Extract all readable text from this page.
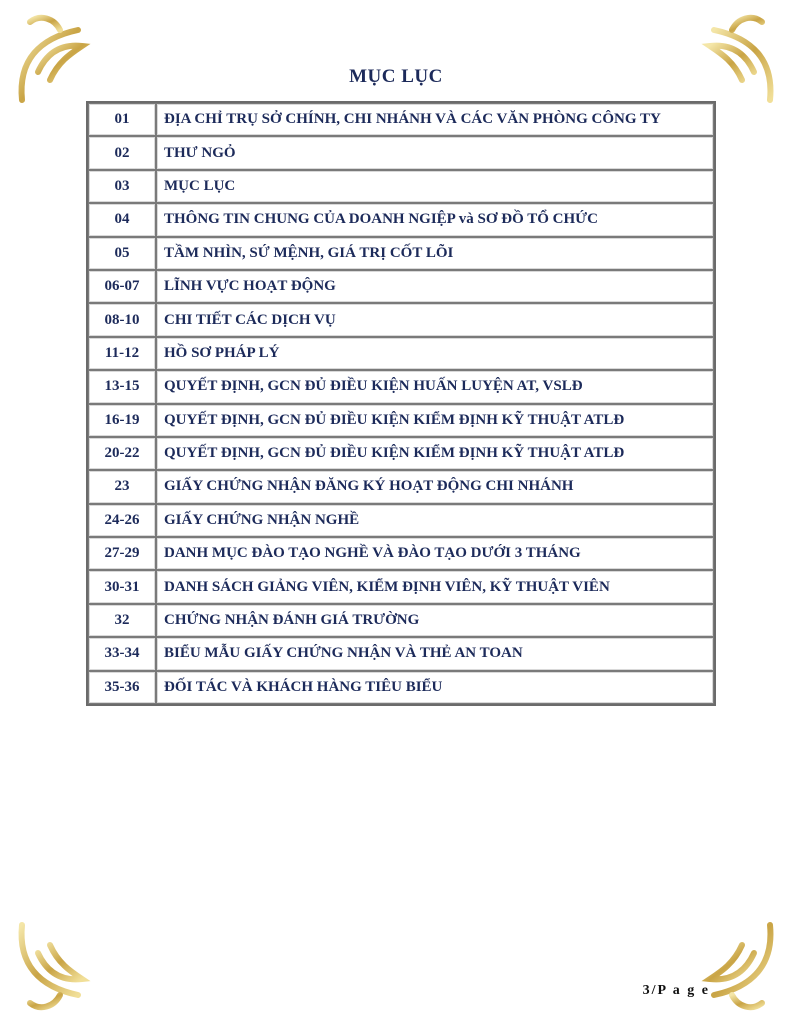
MỤC LỤC
01	ĐỊA CHỈ TRỤ SỞ CHÍNH, CHI NHÁNH VÀ CÁC VĂN PHÒNG CÔNG TY
02	THƯ NGỎ
03	MỤC LỤC
04	THÔNG TIN CHUNG CỦA DOANH NGIỆP và SƠ ĐỒ TỔ CHỨC
05	TẦM NHÌN, SỨ MỆNH, GIÁ TRỊ CỐT LÕI
06-07	LĨNH VỰC HOẠT ĐỘNG
08-10	CHI TIẾT CÁC DỊCH VỤ
11-12	HỒ SƠ PHÁP LÝ
13-15	QUYẾT ĐỊNH, GCN ĐỦ ĐIỀU KIỆN HUẤN LUYỆN AT, VSLĐ
16-19	QUYẾT ĐỊNH, GCN ĐỦ ĐIỀU KIỆN KIỂM ĐỊNH KỸ THUẬT ATLĐ
20-22	QUYẾT ĐỊNH, GCN ĐỦ ĐIỀU KIỆN KIỂM ĐỊNH KỸ THUẬT ATLĐ
23	GIẤY CHỨNG NHẬN ĐĂNG KÝ HOẠT ĐỘNG CHI NHÁNH
24-26	GIẤY CHỨNG NHẬN NGHỀ
27-29	DANH MỤC ĐÀO TẠO NGHỀ VÀ ĐÀO TẠO DƯỚI 3 THÁNG
30-31	DANH SÁCH GIẢNG VIÊN, KIỂM ĐỊNH VIÊN, KỸ THUẬT VIÊN
32	CHỨNG NHẬN ĐÁNH GIÁ TRƯỜNG
33-34	BIỂU MẪU GIẤY CHỨNG NHẬN VÀ THẺ AN TOAN
35-36	ĐỐI TÁC VÀ KHÁCH HÀNG TIÊU BIỂU
3/P a g e
